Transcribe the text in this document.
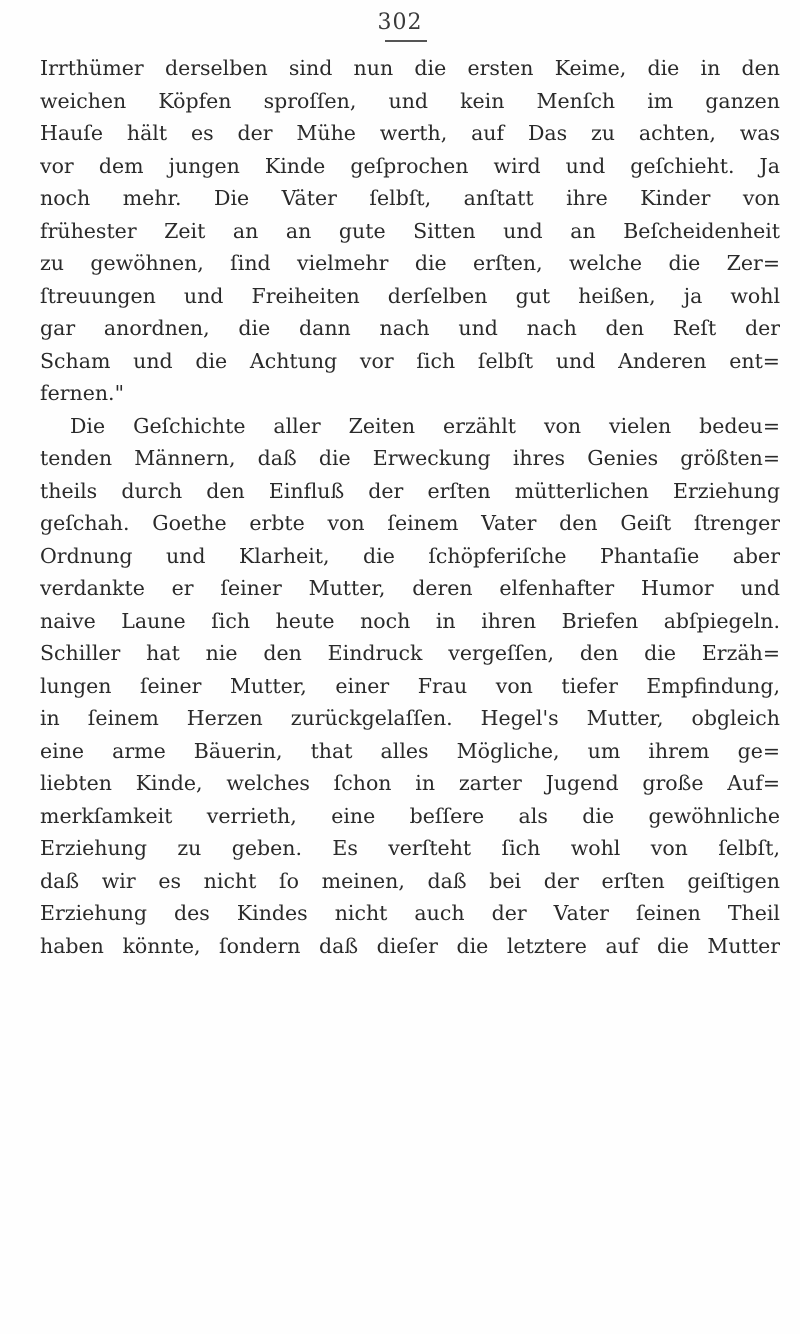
302
Irrthümer derselben sind nun die ersten Keime, die in den
weichen Köpfen sproſſen, und kein Menſch im ganzen
Hauſe hält es der Mühe werth, auf Das zu achten, was
vor dem jungen Kinde geſprochen wird und geſchieht. Ja
noch mehr. Die Väter ſelbſt, anſtatt ihre Kinder von
frühester Zeit an an gute Sitten und an Beſcheidenheit
zu gewöhnen, ſind vielmehr die erſten, welche die Zer=
ſtreuungen und Freiheiten derſelben gut heißen, ja wohl
gar anordnen, die dann nach und nach den Reſt der
Scham und die Achtung vor ſich ſelbſt und Anderen ent=
fernen."
Die Geſchichte aller Zeiten erzählt von vielen bedeu=
tenden Männern, daß die Erweckung ihres Genies größten=
theils durch den Einfluß der erſten mütterlichen Erziehung
geſchah. Goethe erbte von ſeinem Vater den Geiſt ſtrenger
Ordnung und Klarheit, die ſchöpferiſche Phantaſie aber
verdankte er ſeiner Mutter, deren elfenhafter Humor und
naive Laune ſich heute noch in ihren Briefen abſpiegeln.
Schiller hat nie den Eindruck vergeſſen, den die Erzäh=
lungen ſeiner Mutter, einer Frau von tiefer Empfindung,
in ſeinem Herzen zurückgelaſſen. Hegel's Mutter, obgleich
eine arme Bäuerin, that alles Mögliche, um ihrem ge=
liebten Kinde, welches ſchon in zarter Jugend große Auf=
merkſamkeit verrieth, eine beſſere als die gewöhnliche
Erziehung zu geben. Es verſteht ſich wohl von ſelbſt,
daß wir es nicht ſo meinen, daß bei der erſten geiſtigen
Erziehung des Kindes nicht auch der Vater ſeinen Theil
haben könnte, ſondern daß dieſer die letztere auf die Mutter
